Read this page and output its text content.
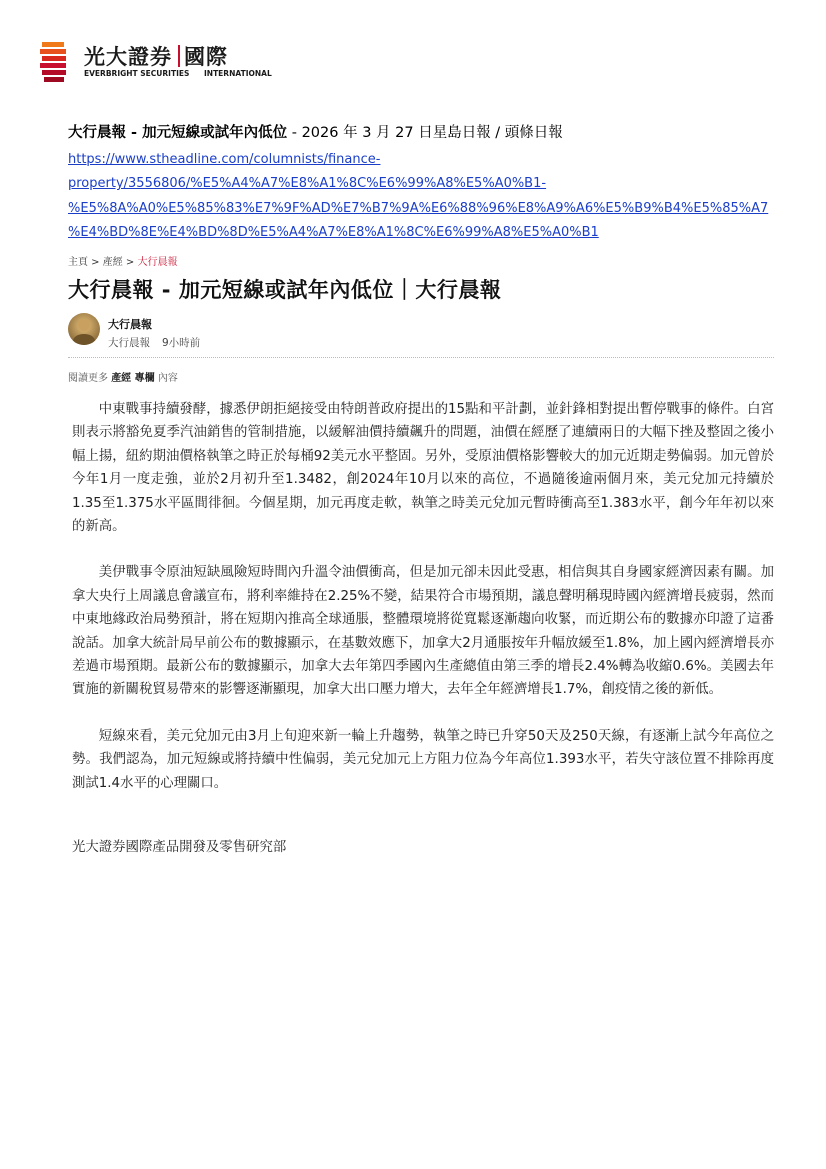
光大證券 國際
EVERBRIGHT SECURITIES INTERNATIONAL
大行晨報 - 加元短線或試年內低位 - 2026 年 3 月 27 日星島日報 / 頭條日報
https://www.stheadline.com/columnists/finance-
property/3556806/%E5%A4%A7%E8%A1%8C%E6%99%A8%E5%A0%B1-
%E5%8A%A0%E5%85%83%E7%9F%AD%E7%B7%9A%E6%88%96%E8%A9%A6%E5%B9%B4%E5%85%A7
%E4%BD%8E%E4%BD%8D%E5%A4%A7%E8%A1%8C%E6%99%A8%E5%A0%B1
主頁 > 產經 > 大行晨報
大行晨報 - 加元短線或試年內低位｜大行晨報
大行晨報
大行晨報 9小時前
閱讀更多 產經 專欄 內容

中東戰事持續發酵，據悉伊朗拒絕接受由特朗普政府提出的15點和平計劃，並針鋒相對提出暫停戰事的條件。白宮則表示將豁免夏季汽油銷售的管制措施，以緩解油價持續飆升的問題，油價在經歷了連續兩日的大幅下挫及整固之後小幅上揚，紐約期油價格執筆之時正於每桶92美元水平整固。另外，受原油價格影響較大的加元近期走勢偏弱。加元曾於今年1月一度走強，並於2月初升至1.3482，創2024年10月以來的高位，不過隨後逾兩個月來，美元兌加元持續於1.35至1.375水平區間徘徊。今個星期，加元再度走軟，執筆之時美元兌加元暫時衝高至1.383水平，創今年年初以來的新高。

美伊戰事令原油短缺風險短時間內升溫令油價衝高，但是加元卻未因此受惠，相信與其自身國家經濟因素有關。加拿大央行上周議息會議宣布，將利率維持在2.25%不變，結果符合市場預期，議息聲明稱現時國內經濟增長疲弱，然而中東地緣政治局勢預計，將在短期內推高全球通脹，整體環境將從寬鬆逐漸趨向收緊，而近期公布的數據亦印證了這番說話。加拿大統計局早前公布的數據顯示，在基數效應下，加拿大2月通脹按年升幅放緩至1.8%，加上國內經濟增長亦差過市場預期。最新公布的數據顯示，加拿大去年第四季國內生產總值由第三季的增長2.4%轉為收縮0.6%。美國去年實施的新關稅貿易帶來的影響逐漸顯現，加拿大出口壓力增大，去年全年經濟增長1.7%，創疫情之後的新低。

短線來看，美元兌加元由3月上旬迎來新一輪上升趨勢，執筆之時已升穿50天及250天線，有逐漸上試今年高位之勢。我們認為，加元短線或將持續中性偏弱，美元兌加元上方阻力位為今年高位1.393水平，若失守該位置不排除再度測試1.4水平的心理關口。

光大證券國際產品開發及零售研究部
